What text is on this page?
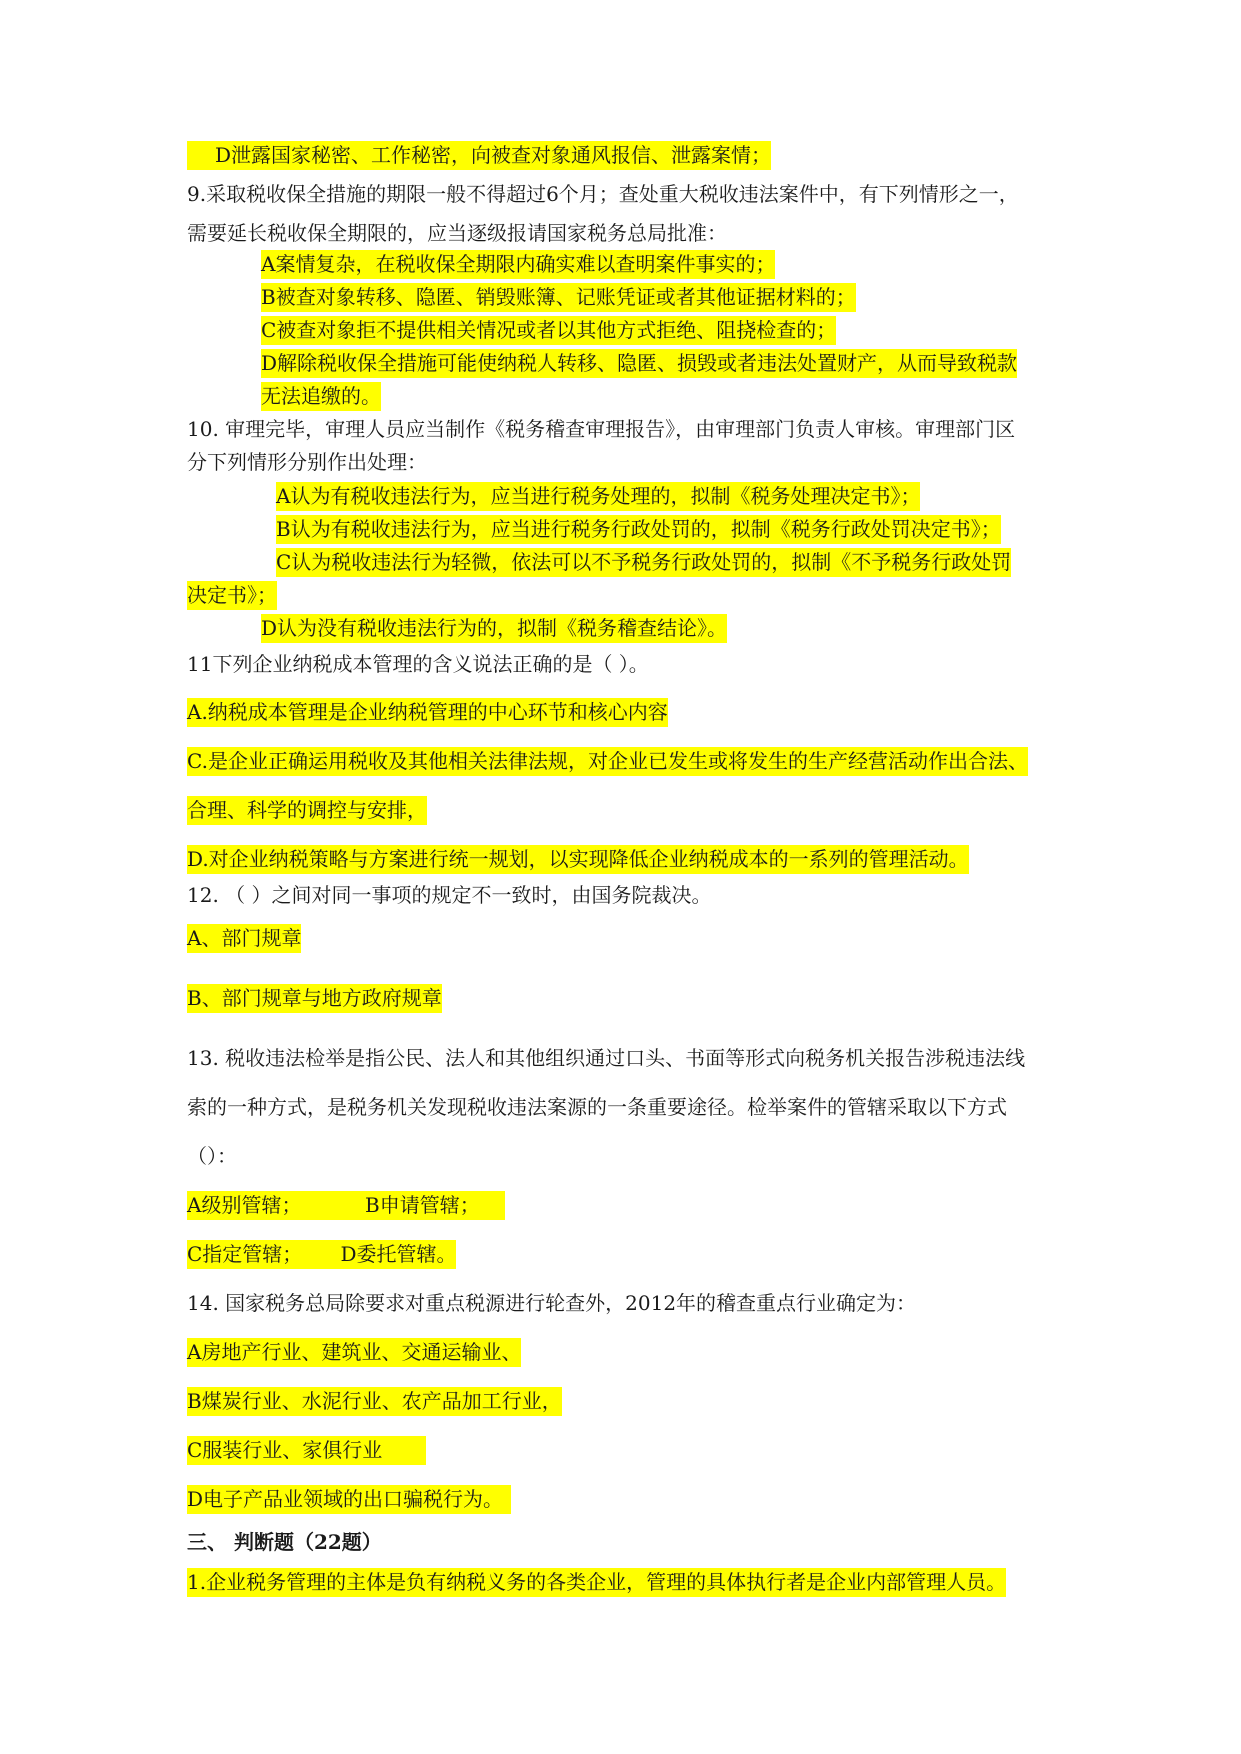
D泄露国家秘密、工作秘密，向被查对象通风报信、泄露案情；
9.采取税收保全措施的期限一般不得超过6个月；查处重大税收违法案件中，有下列情形之一，
需要延长税收保全期限的，应当逐级报请国家税务总局批准：
A案情复杂，在税收保全期限内确实难以查明案件事实的；
B被查对象转移、隐匿、销毁账簿、记账凭证或者其他证据材料的；
C被查对象拒不提供相关情况或者以其他方式拒绝、阻挠检查的；
D解除税收保全措施可能使纳税人转移、隐匿、损毁或者违法处置财产，从而导致税款
无法追缴的。
10. 审理完毕，审理人员应当制作《税务稽查审理报告》，由审理部门负责人审核。审理部门区
分下列情形分别作出处理：
A认为有税收违法行为，应当进行税务处理的，拟制《税务处理决定书》；
B认为有税收违法行为，应当进行税务行政处罚的，拟制《税务行政处罚决定书》；
C认为税收违法行为轻微，依法可以不予税务行政处罚的，拟制《不予税务行政处罚
决定书》；
D认为没有税收违法行为的，拟制《税务稽查结论》。
11下列企业纳税成本管理的含义说法正确的是（ ）。
A.纳税成本管理是企业纳税管理的中心环节和核心内容
C.是企业正确运用税收及其他相关法律法规，对企业已发生或将发生的生产经营活动作出合法、
合理、科学的调控与安排，
D.对企业纳税策略与方案进行统一规划，以实现降低企业纳税成本的一系列的管理活动。
12. （ ）之间对同一事项的规定不一致时，由国务院裁决。
A、部门规章
B、部门规章与地方政府规章
13. 税收违法检举是指公民、法人和其他组织通过口头、书面等形式向税务机关报告涉税违法线
索的一种方式，是税务机关发现税收违法案源的一条重要途径。检举案件的管辖采取以下方式
（）：
A级别管辖；          B申请管辖；
C指定管辖；      D委托管辖。
14. 国家税务总局除要求对重点税源进行轮查外，2012年的稽查重点行业确定为：
A房地产行业、建筑业、交通运输业、
B煤炭行业、水泥行业、农产品加工行业，
C服装行业、家俱行业
D电子产品业领域的出口骗税行为。
三、 判断题（22题）
1.企业税务管理的主体是负有纳税义务的各类企业，管理的具体执行者是企业内部管理人员。
